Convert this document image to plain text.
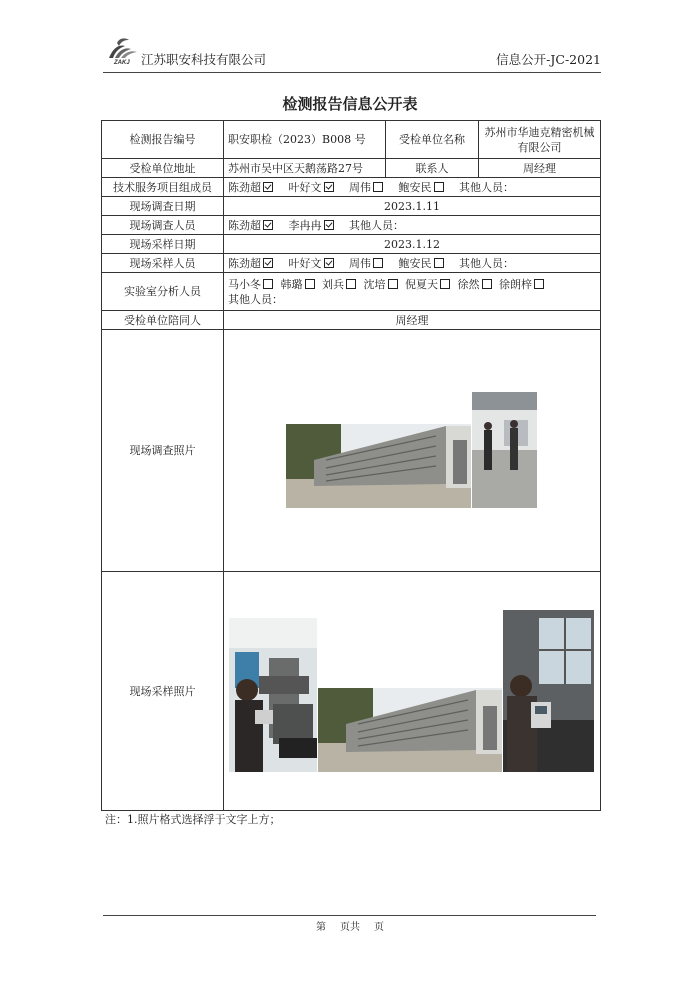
ZAKJ 江苏职安科技有限公司	信息公开-JC-2021
检测报告信息公开表
检测报告编号	职安职检（2023）B008 号	受检单位名称	苏州市华迪克精密机械有限公司
受检单位地址	苏州市吴中区天鹅荡路27号	联系人	周经理
技术服务项目组成员	陈劲超 叶好文 周伟 鲍安民 其他人员：		
现场调查日期	2023.1.11		
现场调查人员	陈劲超 李冉冉 其他人员：		
现场采样日期	2023.1.12		
现场采样人员	陈劲超 叶好文 周伟 鲍安民 其他人员：		
实验室分析人员	马小冬 韩璐 刘兵 沈培 倪夏天 徐然 徐朗梓
其他人员：		

受检单位陪同人	周经理		
现场调查照片	

现场采样照片	
注：1.照片格式选择浮于文字上方；
第 页共 页
